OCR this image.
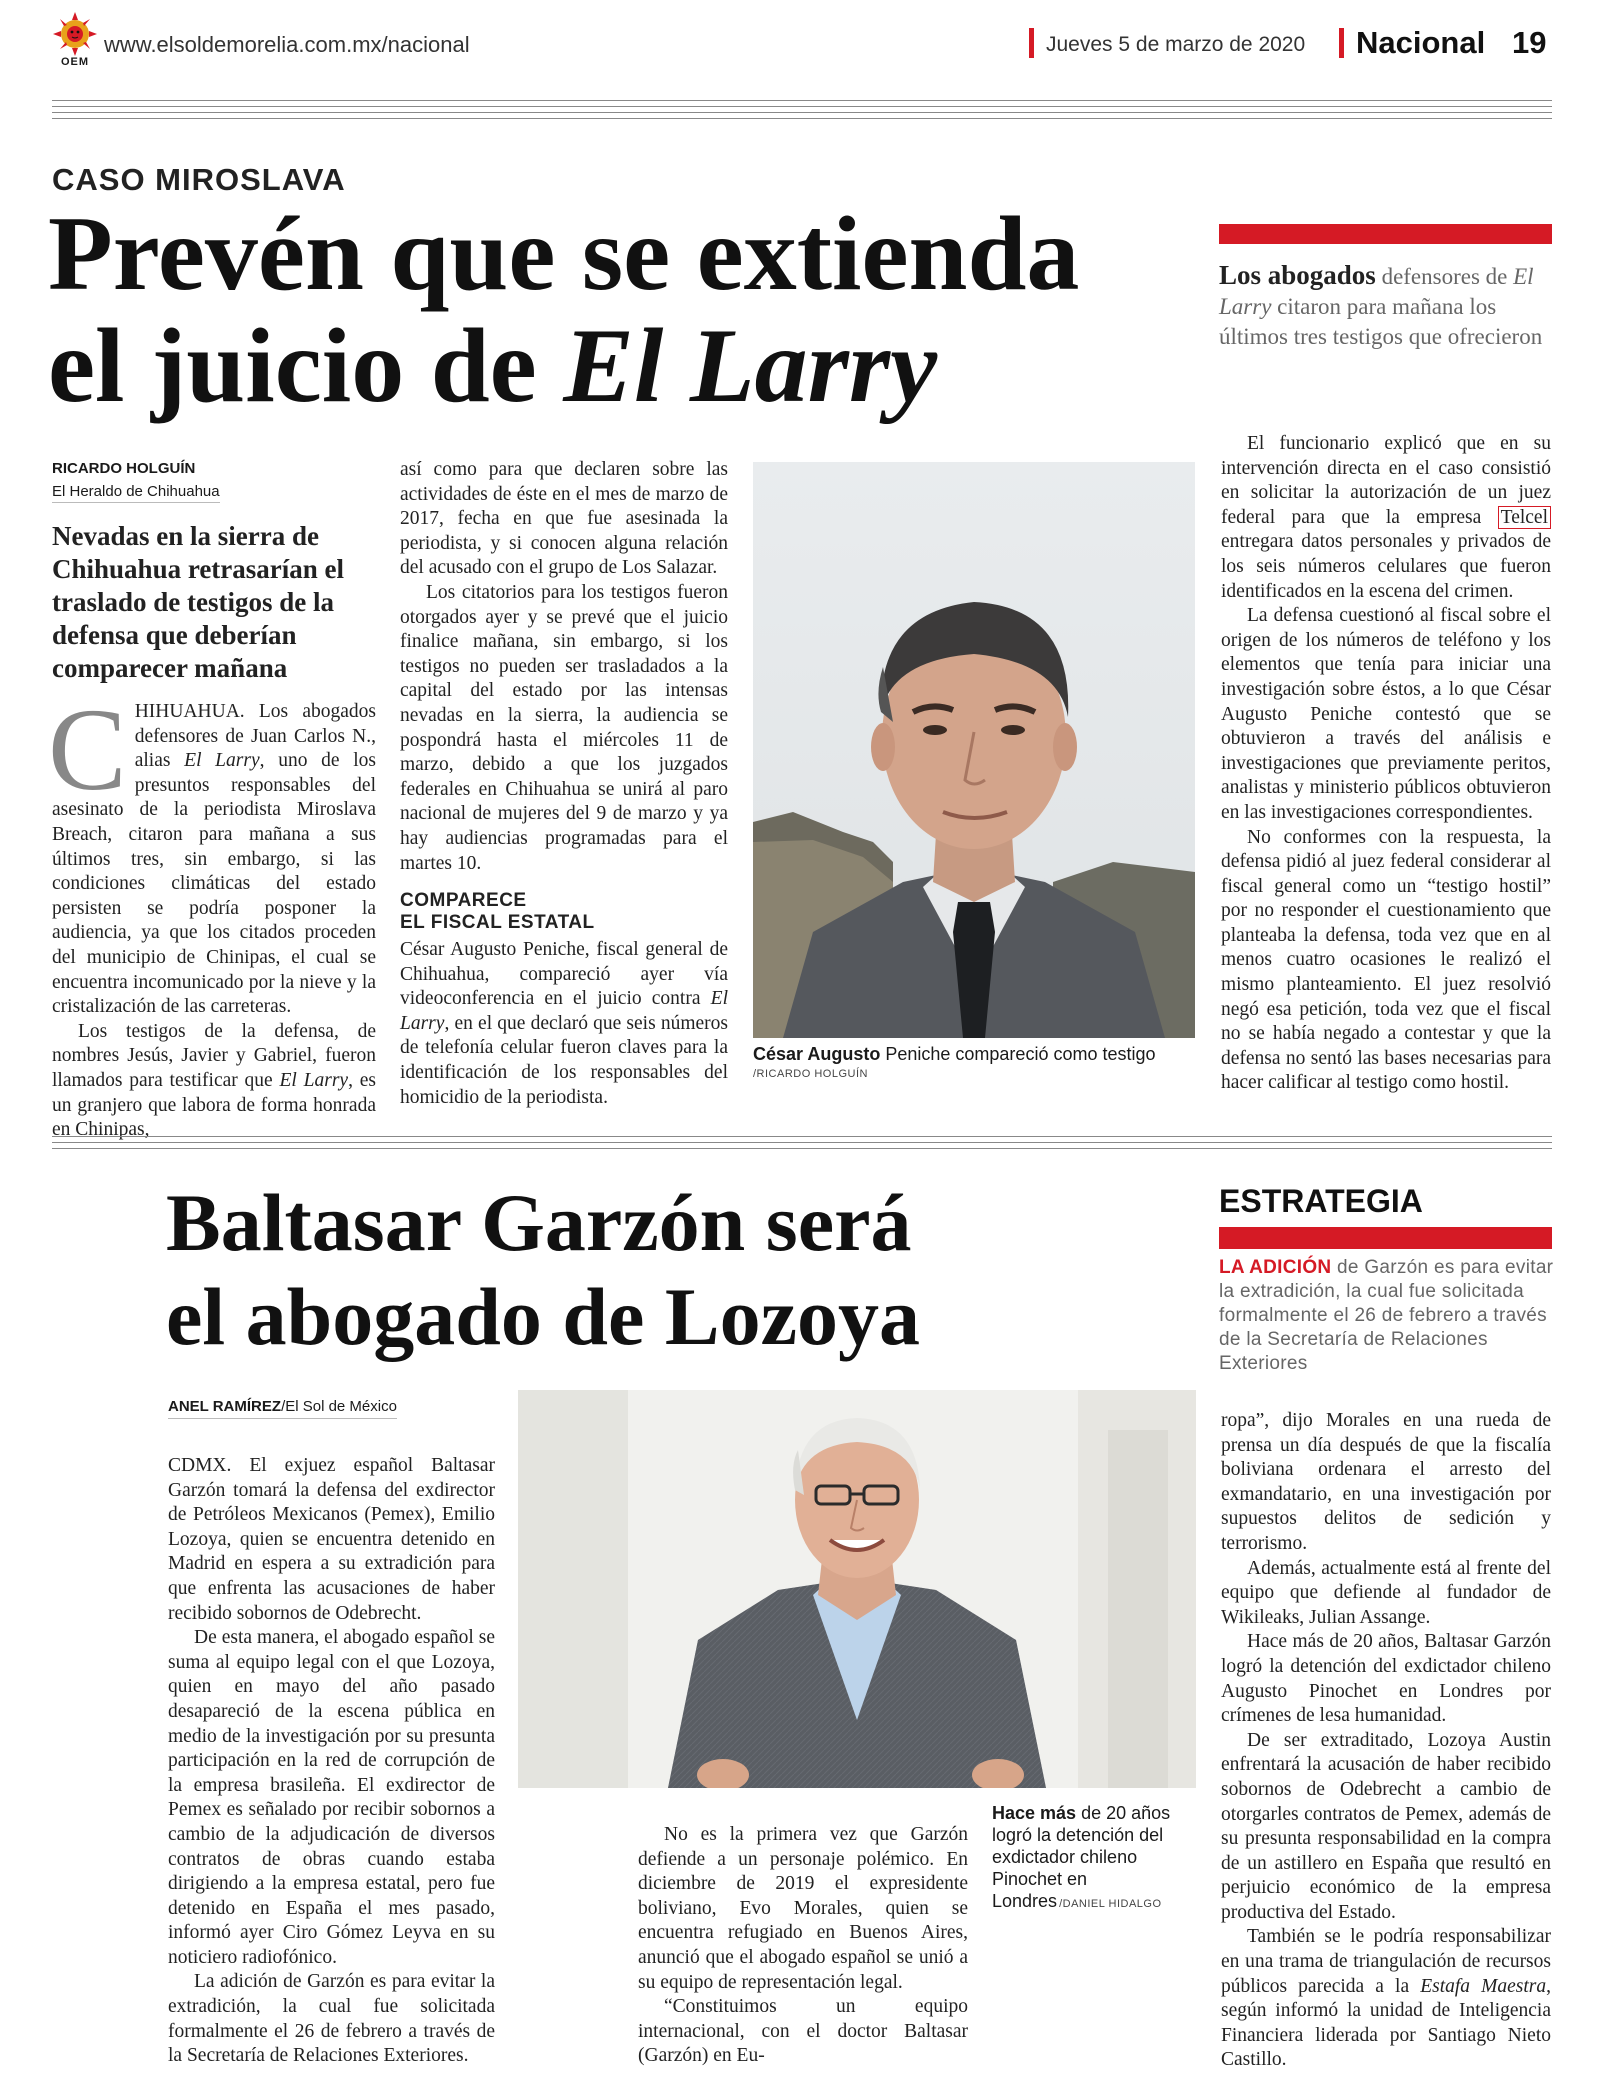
OEM
www.elsoldemorelia.com.mx/nacional	Jueves 5 de marzo de 2020 Nacional 19
CASO MIROSLAVA
Prevén que se extienda
el juicio de El Larry
Los abogados defensores de El Larry citaron para mañana los últimos tres testigos que ofrecieron
RICARDO HOLGUÍN
El Heraldo de Chihuahua
Nevadas en la sierra de Chihuahua retrasarían el traslado de testigos de la defensa que deberían comparecer mañana

CHIHUAHUA. Los abogados defensores de Juan Carlos N., alias El Larry, uno de los presuntos responsables del asesinato de la periodista Miroslava Breach, citaron para mañana a sus últimos tres, sin embargo, si las condiciones climáticas del estado persisten se podría posponer la audiencia, ya que los citados proceden del municipio de Chinipas, el cual se encuentra incomunicado por la nieve y la cristalización de las carreteras.

Los testigos de la defensa, de nombres Jesús, Javier y Gabriel, fueron llamados para testificar que El Larry, es un granjero que labora de forma honrada en Chinipas,

así como para que declaren sobre las actividades de éste en el mes de marzo de 2017, fecha en que fue asesinada la periodista, y si conocen alguna relación del acusado con el grupo de Los Salazar.

Los citatorios para los testigos fueron otorgados ayer y se prevé que el juicio finalice mañana, sin embargo, si los testigos no pueden ser trasladados a la capital del estado por las intensas nevadas en la sierra, la audiencia se pospondrá hasta el miércoles 11 de marzo, debido a que los juzgados federales en Chihuahua se unirá al paro nacional de mujeres del 9 de marzo y ya hay audiencias programadas para el martes 10.

COMPARECE
EL FISCAL ESTATAL

César Augusto Peniche, fiscal general de Chihuahua, compareció ayer vía videoconferencia en el juicio contra El Larry, en el que declaró que seis números de telefonía celular fueron claves para la identificación de los responsables del homicidio de la periodista.

César Augusto Peniche compareció como testigo
/RICARDO HOLGUÍN

El funcionario explicó que en su intervención directa en el caso consistió en solicitar la autorización de un juez federal para que la empresa Telcel entregara datos personales y privados de los seis números celulares que fueron identificados en la escena del crimen.

La defensa cuestionó al fiscal sobre el origen de los números de teléfono y los elementos que tenía para iniciar una investigación sobre éstos, a lo que César Augusto Peniche contestó que se obtuvieron a través del análisis e investigaciones que previamente peritos, analistas y ministerio públicos obtuvieron en las investigaciones correspondientes.

No conformes con la respuesta, la defensa pidió al juez federal considerar al fiscal general como un “testigo hostil” por no responder el cuestionamiento que planteaba la defensa, toda vez que en al menos cuatro ocasiones le realizó el mismo planteamiento. El juez resolvió negó esa petición, toda vez que el fiscal no se había negado a contestar y que la defensa no sentó las bases necesarias para hacer calificar al testigo como hostil.

Baltasar Garzón será
el abogado de Lozoya
ESTRATEGIA
LA ADICIÓN de Garzón es para evitar la extradición, la cual fue solicitada formalmente el 26 de febrero a través de la Secretaría de Relaciones Exteriores
ANEL RAMÍREZ/El Sol de México

CDMX. El exjuez español Baltasar Garzón tomará la defensa del exdirector de Petróleos Mexicanos (Pemex), Emilio Lozoya, quien se encuentra detenido en Madrid en espera a su extradición para que enfrenta las acusaciones de haber recibido sobornos de Odebrecht.

De esta manera, el abogado español se suma al equipo legal con el que Lozoya, quien en mayo del año pasado desapareció de la escena pública en medio de la investigación por su presunta participación en la red de corrupción de la empresa brasileña. El exdirector de Pemex es señalado por recibir sobornos a cambio de la adjudicación de diversos contratos de obras cuando estaba dirigiendo a la empresa estatal, pero fue detenido en España el mes pasado, informó ayer Ciro Gómez Leyva en su noticiero radiofónico.

La adición de Garzón es para evitar la extradición, la cual fue solicitada formalmente el 26 de febrero a través de la Secretaría de Relaciones Exteriores.

No es la primera vez que Garzón defiende a un personaje polémico. En diciembre de 2019 el expresidente boliviano, Evo Morales, quien se encuentra refugiado en Buenos Aires, anunció que el abogado español se unió a su equipo de representación legal.

“Constituimos un equipo internacional, con el doctor Baltasar (Garzón) en Eu-

Hace más de 20 años logró la detención del exdictador chileno Pinochet en Londres /DANIEL HIDALGO

ropa”, dijo Morales en una rueda de prensa un día después de que la fiscalía boliviana ordenara el arresto del exmandatario, en una investigación por supuestos delitos de sedición y terrorismo.

Además, actualmente está al frente del equipo que defiende al fundador de Wikileaks, Julian Assange.

Hace más de 20 años, Baltasar Garzón logró la detención del exdictador chileno Augusto Pinochet en Londres por crímenes de lesa humanidad.

De ser extraditado, Lozoya Austin enfrentará la acusación de haber recibido sobornos de Odebrecht a cambio de otorgarles contratos de Pemex, además de su presunta responsabilidad en la compra de un astillero en España que resultó en perjuicio económico de la empresa productiva del Estado.

También se le podría responsabilizar en una trama de triangulación de recursos públicos parecida a la Estafa Maestra, según informó la unidad de Inteligencia Financiera liderada por Santiago Nieto Castillo.
